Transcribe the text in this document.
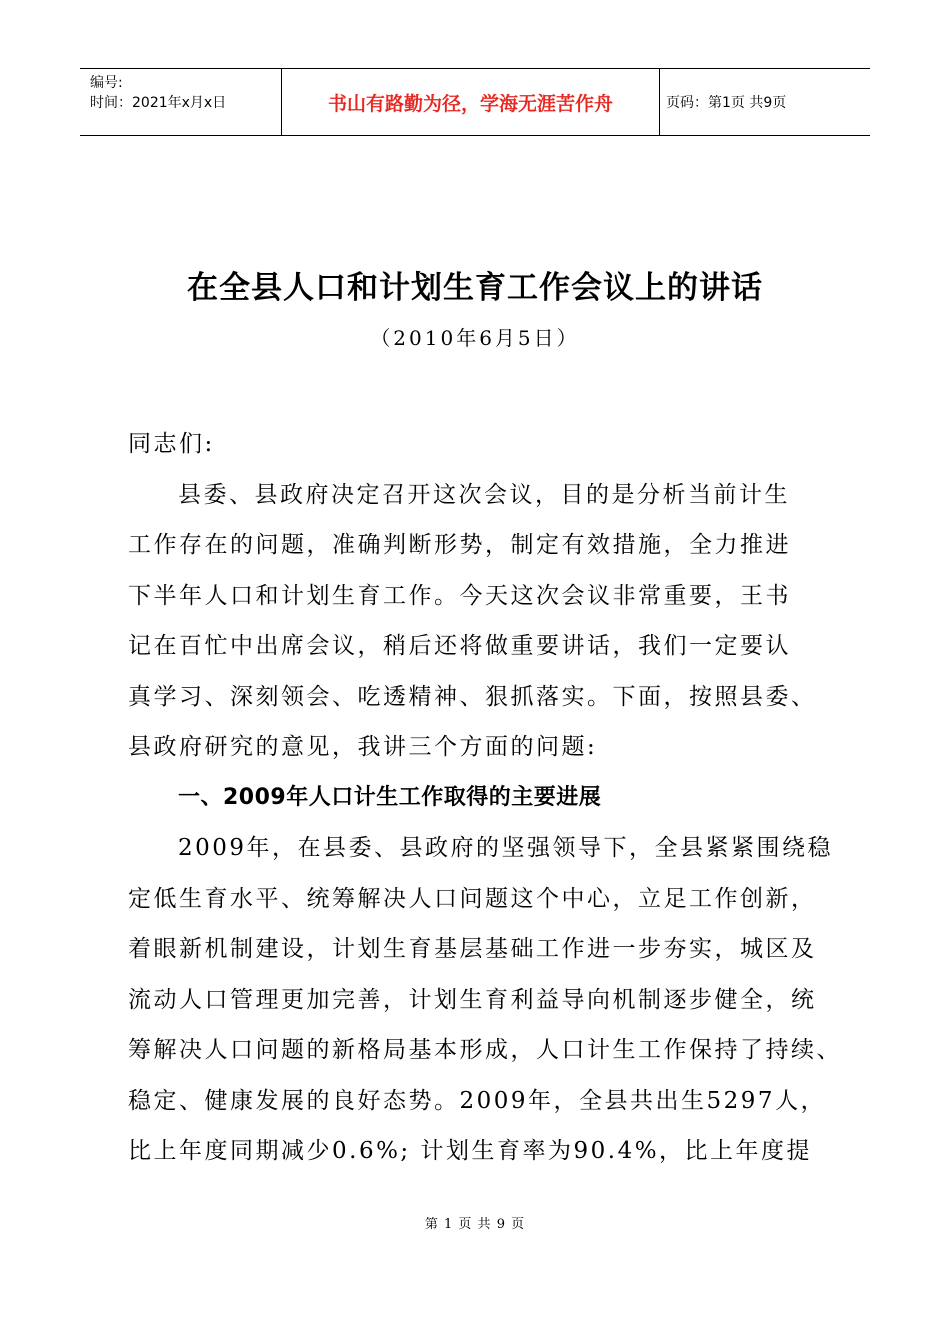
编号:
时间：2021年x月x日	书山有路勤为径，学海无涯苦作舟	页码：第1页 共9页
在全县人口和计划生育工作会议上的讲话

（2010年6月5日）

同志们:
县委、县政府决定召开这次会议，目的是分析当前计生
工作存在的问题，准确判断形势，制定有效措施，全力推进
下半年人口和计划生育工作。今天这次会议非常重要，王书
记在百忙中出席会议，稍后还将做重要讲话，我们一定要认
真学习、深刻领会、吃透精神、狠抓落实。下面，按照县委、
县政府研究的意见，我讲三个方面的问题:
一、2009年人口计生工作取得的主要进展
2009年，在县委、县政府的坚强领导下，全县紧紧围绕稳
定低生育水平、统筹解决人口问题这个中心，立足工作创新，
着眼新机制建设，计划生育基层基础工作进一步夯实，城区及
流动人口管理更加完善，计划生育利益导向机制逐步健全，统
筹解决人口问题的新格局基本形成，人口计生工作保持了持续、
稳定、健康发展的良好态势。2009年，全县共出生5297人，
比上年度同期减少0.6%; 计划生育率为90.4%，比上年度提
第 1 页 共 9 页
